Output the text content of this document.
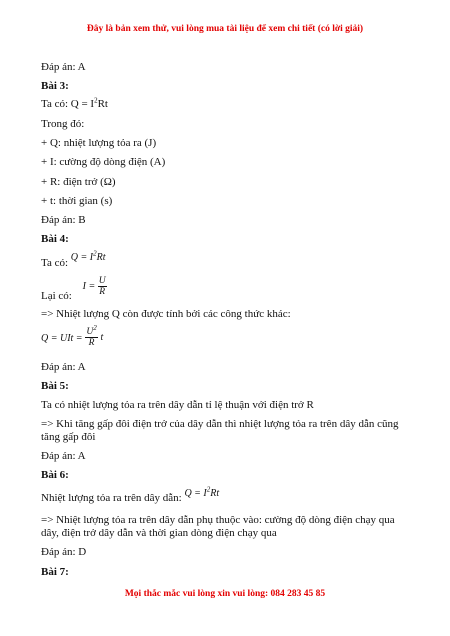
Đây là bản xem thử, vui lòng mua tài liệu để xem chi tiết (có lời giải)
Đáp án: A
Bài 3:
Ta có: $Q = I^2Rt$
Trong đó:
+ Q: nhiệt lượng tỏa ra (J)
+ I: cường độ dòng điện (A)
+ R: điện trở (Ω)
+ t: thời gian (s)
Đáp án: B
Bài 4:
Ta có: $Q = I^2Rt$
Lại có: $I = \frac{U}{R}$
=> Nhiệt lượng Q còn được tính bởi các công thức khác:
Q = UIt = $\frac{U^2}{R}$ t
Đáp án: A
Bài 5:
Ta có nhiệt lượng tỏa ra trên dây dẫn tỉ lệ thuận với điện trở R
=> Khi tăng gấp đôi điện trở của dây dẫn thì nhiệt lượng tỏa ra trên dây dẫn cũng
tăng gấp đôi
Đáp án: A
Bài 6:
Nhiệt lượng tỏa ra trên dây dẫn: $Q = I^2Rt$
=> Nhiệt lượng tỏa ra trên dây dẫn phụ thuộc vào: cường độ dòng điện chạy qua
dây, điện trở dây dẫn và thời gian dòng điện chạy qua
Đáp án: D
Bài 7:
Mọi thắc mắc vui lòng xin vui lòng: 084 283 45 85
